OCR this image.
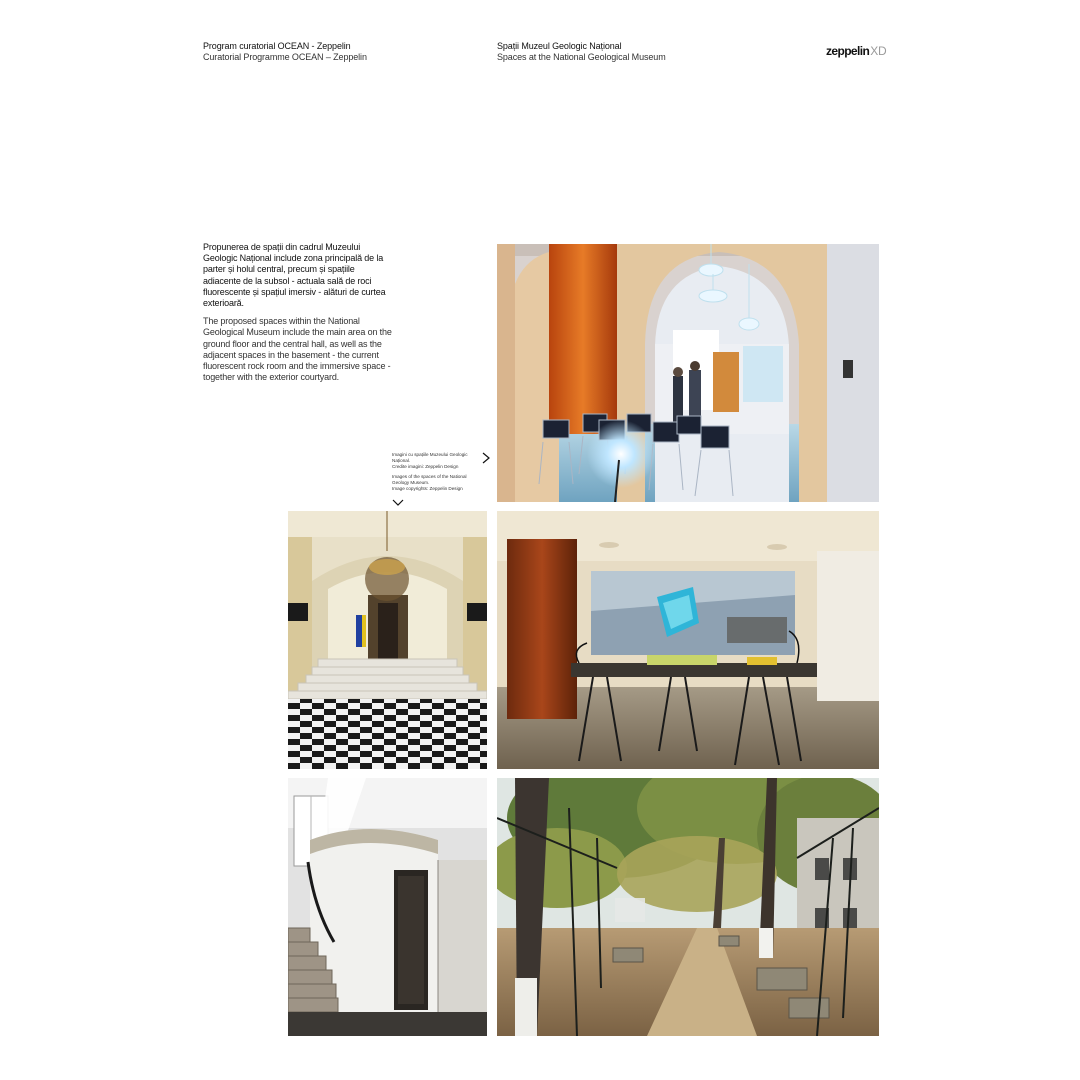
Program curatorial OCEAN - Zeppelin
Curatorial Programme OCEAN – Zeppelin
Spații Muzeul Geologic Național
Spaces at the National Geological Museum	zeppelinXD

Propunerea de spații din cadrul Muzeului Geologic Național include zona principală de la parter și holul central, precum și spațiile adiacente de la subsol - actuala sală de roci fluorescente și spațiul imersiv - alături de curtea exterioară.

The proposed spaces within the National Geological Museum include the main area on the ground floor and the central hall, as well as the adjacent spaces in the basement - the current fluorescent rock room and the immersive space - together with the exterior courtyard.

Imagini cu spațiile Muzeului Geologic Național.
Credite imagini: Zeppelin Design

Images of the spaces of the National Geology Museum.
Image copyrights: Zeppelin Design
